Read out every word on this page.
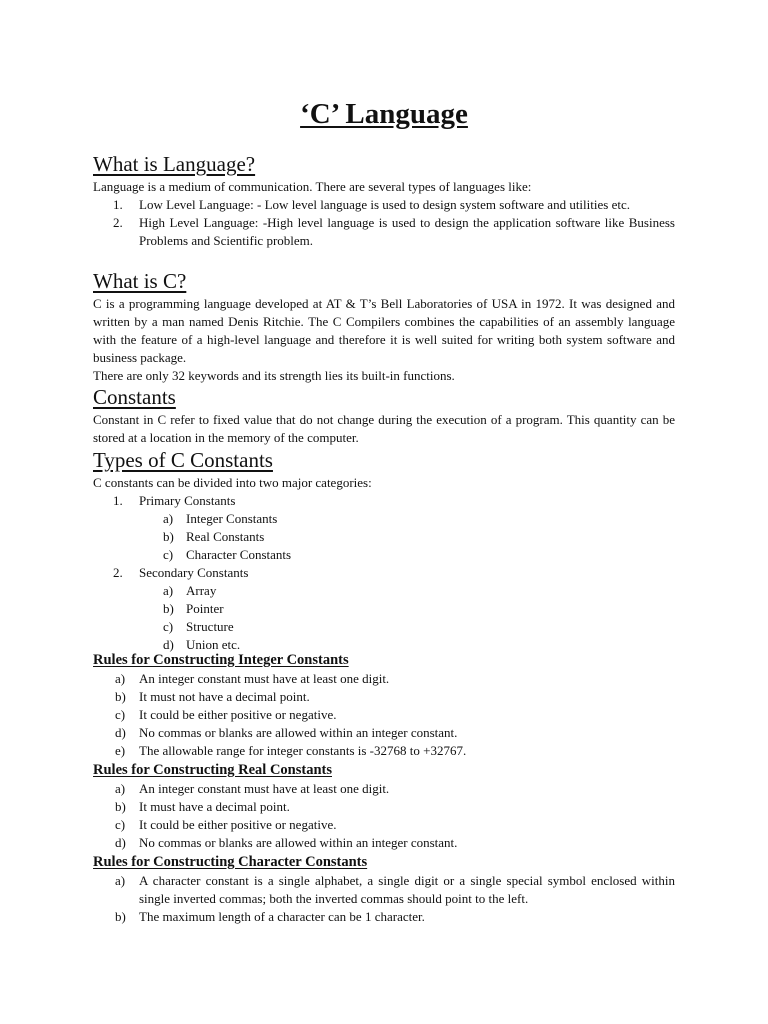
‘C’ Language
What is Language?

Language is a medium of communication. There are several types of languages like:

1. Low Level Language: - Low level language is used to design system software and utilities etc.
2. High Level Language: -High level language is used to design the application software like Business Problems and Scientific problem.
What is C?

C is a programming language developed at AT & T’s Bell Laboratories of USA in 1972. It was designed and written by a man named Denis Ritchie. The C Compilers combines the capabilities of an assembly language with the feature of a high-level language and therefore it is well suited for writing both system software and business package.

There are only 32 keywords and its strength lies its built-in functions.

Constants

Constant in C refer to fixed value that do not change during the execution of a program. This quantity can be stored at a location in the memory of the computer.

Types of C Constants

C constants can be divided into two major categories:

1. Primary Constants
a) Integer Constants
b) Real Constants
c) Character Constants
2. Secondary Constants
a) Array
b) Pointer
c) Structure
d) Union etc.
Rules for Constructing Integer Constants
a) An integer constant must have at least one digit.
b) It must not have a decimal point.
c) It could be either positive or negative.
d) No commas or blanks are allowed within an integer constant.
e) The allowable range for integer constants is -32768 to +32767.
Rules for Constructing Real Constants
a) An integer constant must have at least one digit.
b) It must have a decimal point.
c) It could be either positive or negative.
d) No commas or blanks are allowed within an integer constant.
Rules for Constructing Character Constants
a) A character constant is a single alphabet, a single digit or a single special symbol enclosed within single inverted commas; both the inverted commas should point to the left.
b) The maximum length of a character can be 1 character.
